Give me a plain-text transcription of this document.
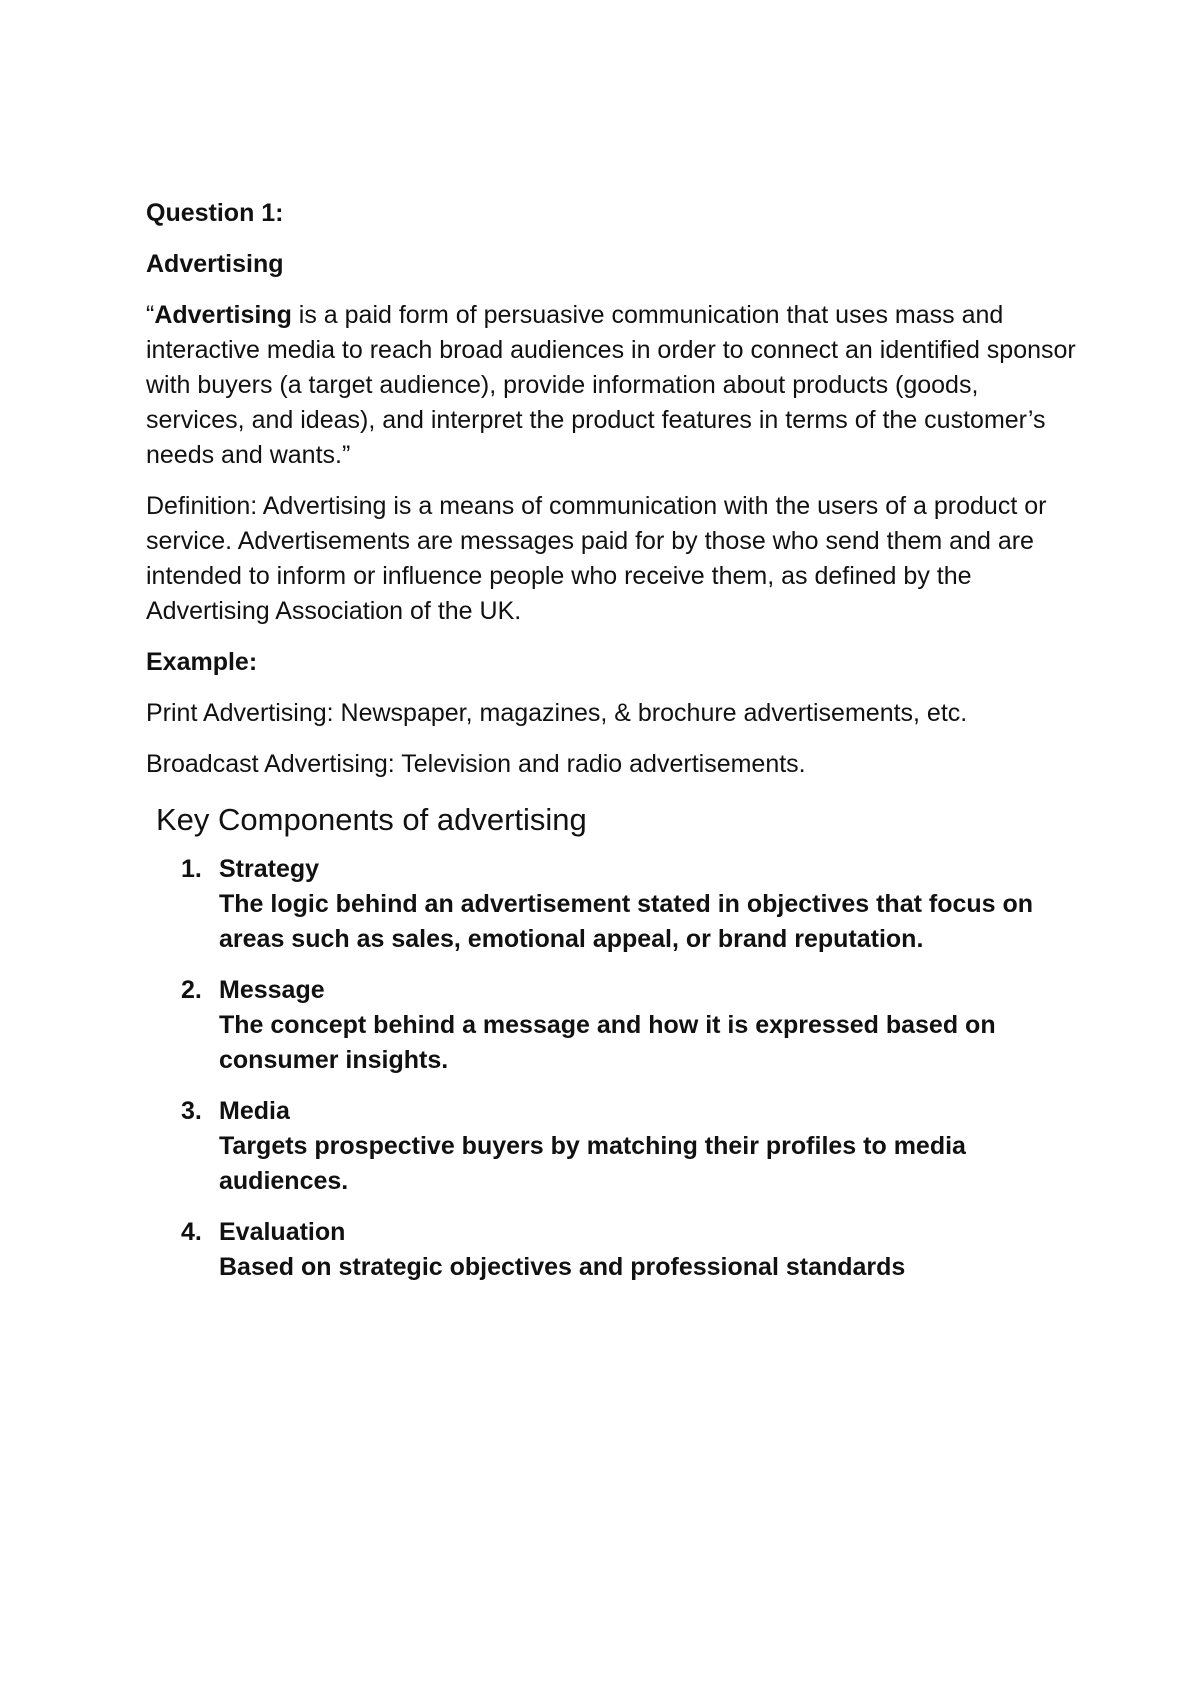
Question 1:

Advertising

“Advertising is a paid form of persuasive communication that uses mass and interactive media to reach broad audiences in order to connect an identified sponsor with buyers (a target audience), provide information about products (goods, services, and ideas), and interpret the product features in terms of the customer’s needs and wants.”

Definition: Advertising is a means of communication with the users of a product or service. Advertisements are messages paid for by those who send them and are intended to inform or influence people who receive them, as defined by the Advertising Association of the UK.

Example:

Print Advertising: Newspaper, magazines, & brochure advertisements, etc.

Broadcast Advertising: Television and radio advertisements.

Key Components of advertising

1. Strategy
The logic behind an advertisement stated in objectives that focus on areas such as sales, emotional appeal, or brand reputation.
2. Message
The concept behind a message and how it is expressed based on consumer insights.
3. Media
Targets prospective buyers by matching their profiles to media audiences.
4. Evaluation
Based on strategic objectives and professional standards
